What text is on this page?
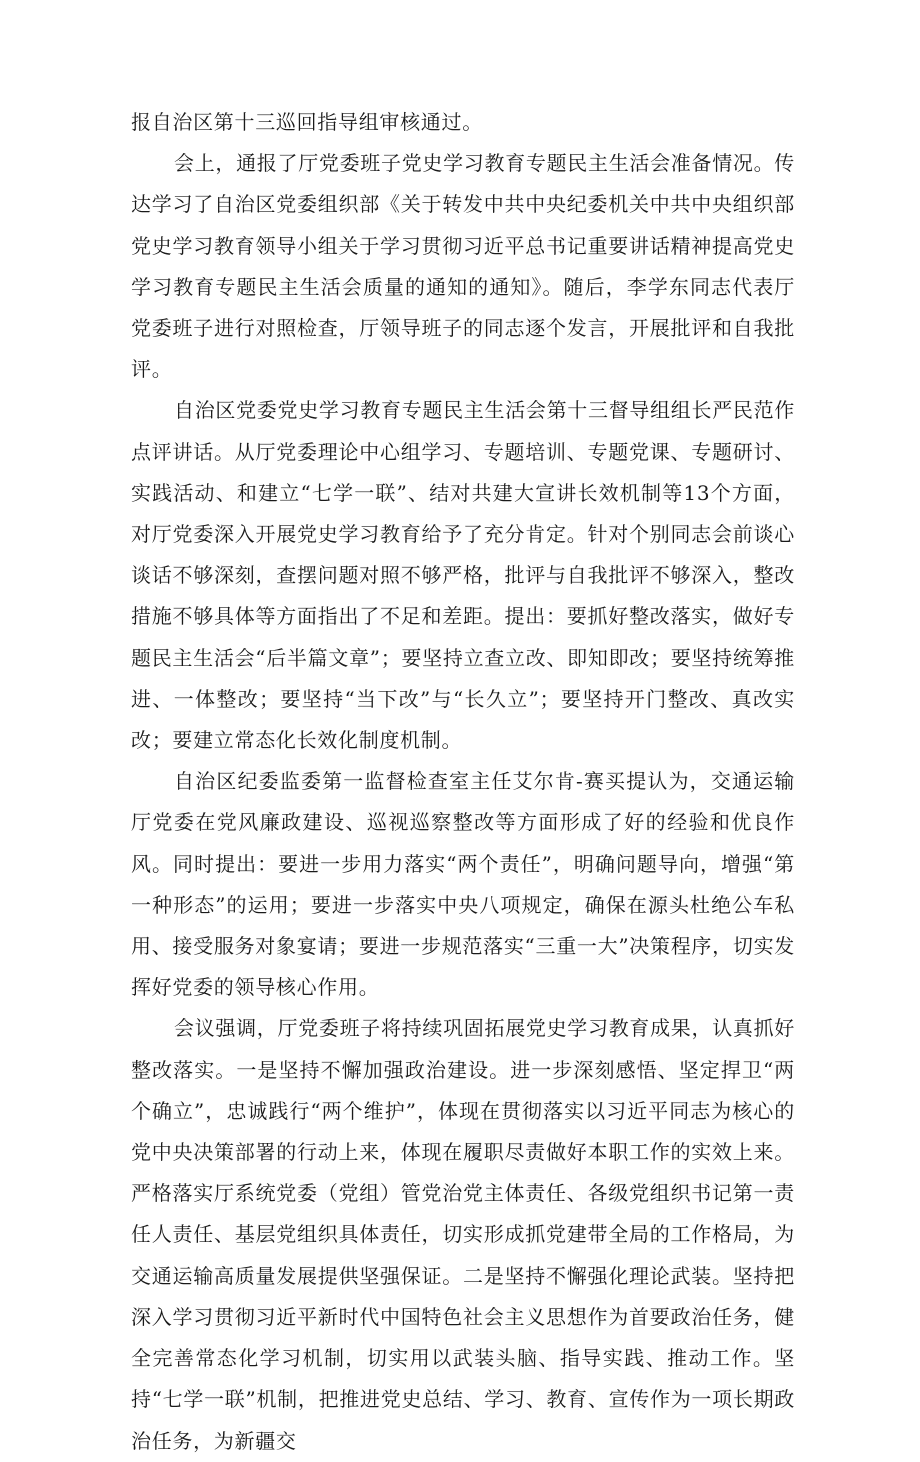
报自治区第十三巡回指导组审核通过。

会上，通报了厅党委班子党史学习教育专题民主生活会准备情况。传达学习了自治区党委组织部《关于转发中共中央纪委机关中共中央组织部党史学习教育领导小组关于学习贯彻习近平总书记重要讲话精神提高党史学习教育专题民主生活会质量的通知的通知》。随后，李学东同志代表厅党委班子进行对照检查，厅领导班子的同志逐个发言，开展批评和自我批评。

自治区党委党史学习教育专题民主生活会第十三督导组组长严民范作点评讲话。从厅党委理论中心组学习、专题培训、专题党课、专题研讨、实践活动、和建立“七学一联”、结对共建大宣讲长效机制等13个方面，对厅党委深入开展党史学习教育给予了充分肯定。针对个别同志会前谈心谈话不够深刻，查摆问题对照不够严格，批评与自我批评不够深入，整改措施不够具体等方面指出了不足和差距。提出：要抓好整改落实，做好专题民主生活会“后半篇文章”；要坚持立查立改、即知即改；要坚持统筹推进、一体整改；要坚持“当下改”与“长久立”；要坚持开门整改、真改实改；要建立常态化长效化制度机制。

自治区纪委监委第一监督检查室主任艾尔肯-赛买提认为，交通运输厅党委在党风廉政建设、巡视巡察整改等方面形成了好的经验和优良作风。同时提出：要进一步用力落实“两个责任”，明确问题导向，增强“第一种形态”的运用；要进一步落实中央八项规定，确保在源头杜绝公车私用、接受服务对象宴请；要进一步规范落实“三重一大”决策程序，切实发挥好党委的领导核心作用。

会议强调，厅党委班子将持续巩固拓展党史学习教育成果，认真抓好整改落实。一是坚持不懈加强政治建设。进一步深刻感悟、坚定捍卫“两个确立”，忠诚践行“两个维护”，体现在贯彻落实以习近平同志为核心的党中央决策部署的行动上来，体现在履职尽责做好本职工作的实效上来。严格落实厅系统党委（党组）管党治党主体责任、各级党组织书记第一责任人责任、基层党组织具体责任，切实形成抓党建带全局的工作格局，为交通运输高质量发展提供坚强保证。二是坚持不懈强化理论武装。坚持把深入学习贯彻习近平新时代中国特色社会主义思想作为首要政治任务，健全完善常态化学习机制，切实用以武装头脑、指导实践、推动工作。坚持“七学一联”机制，把推进党史总结、学习、教育、宣传作为一项长期政治任务，为新疆交
